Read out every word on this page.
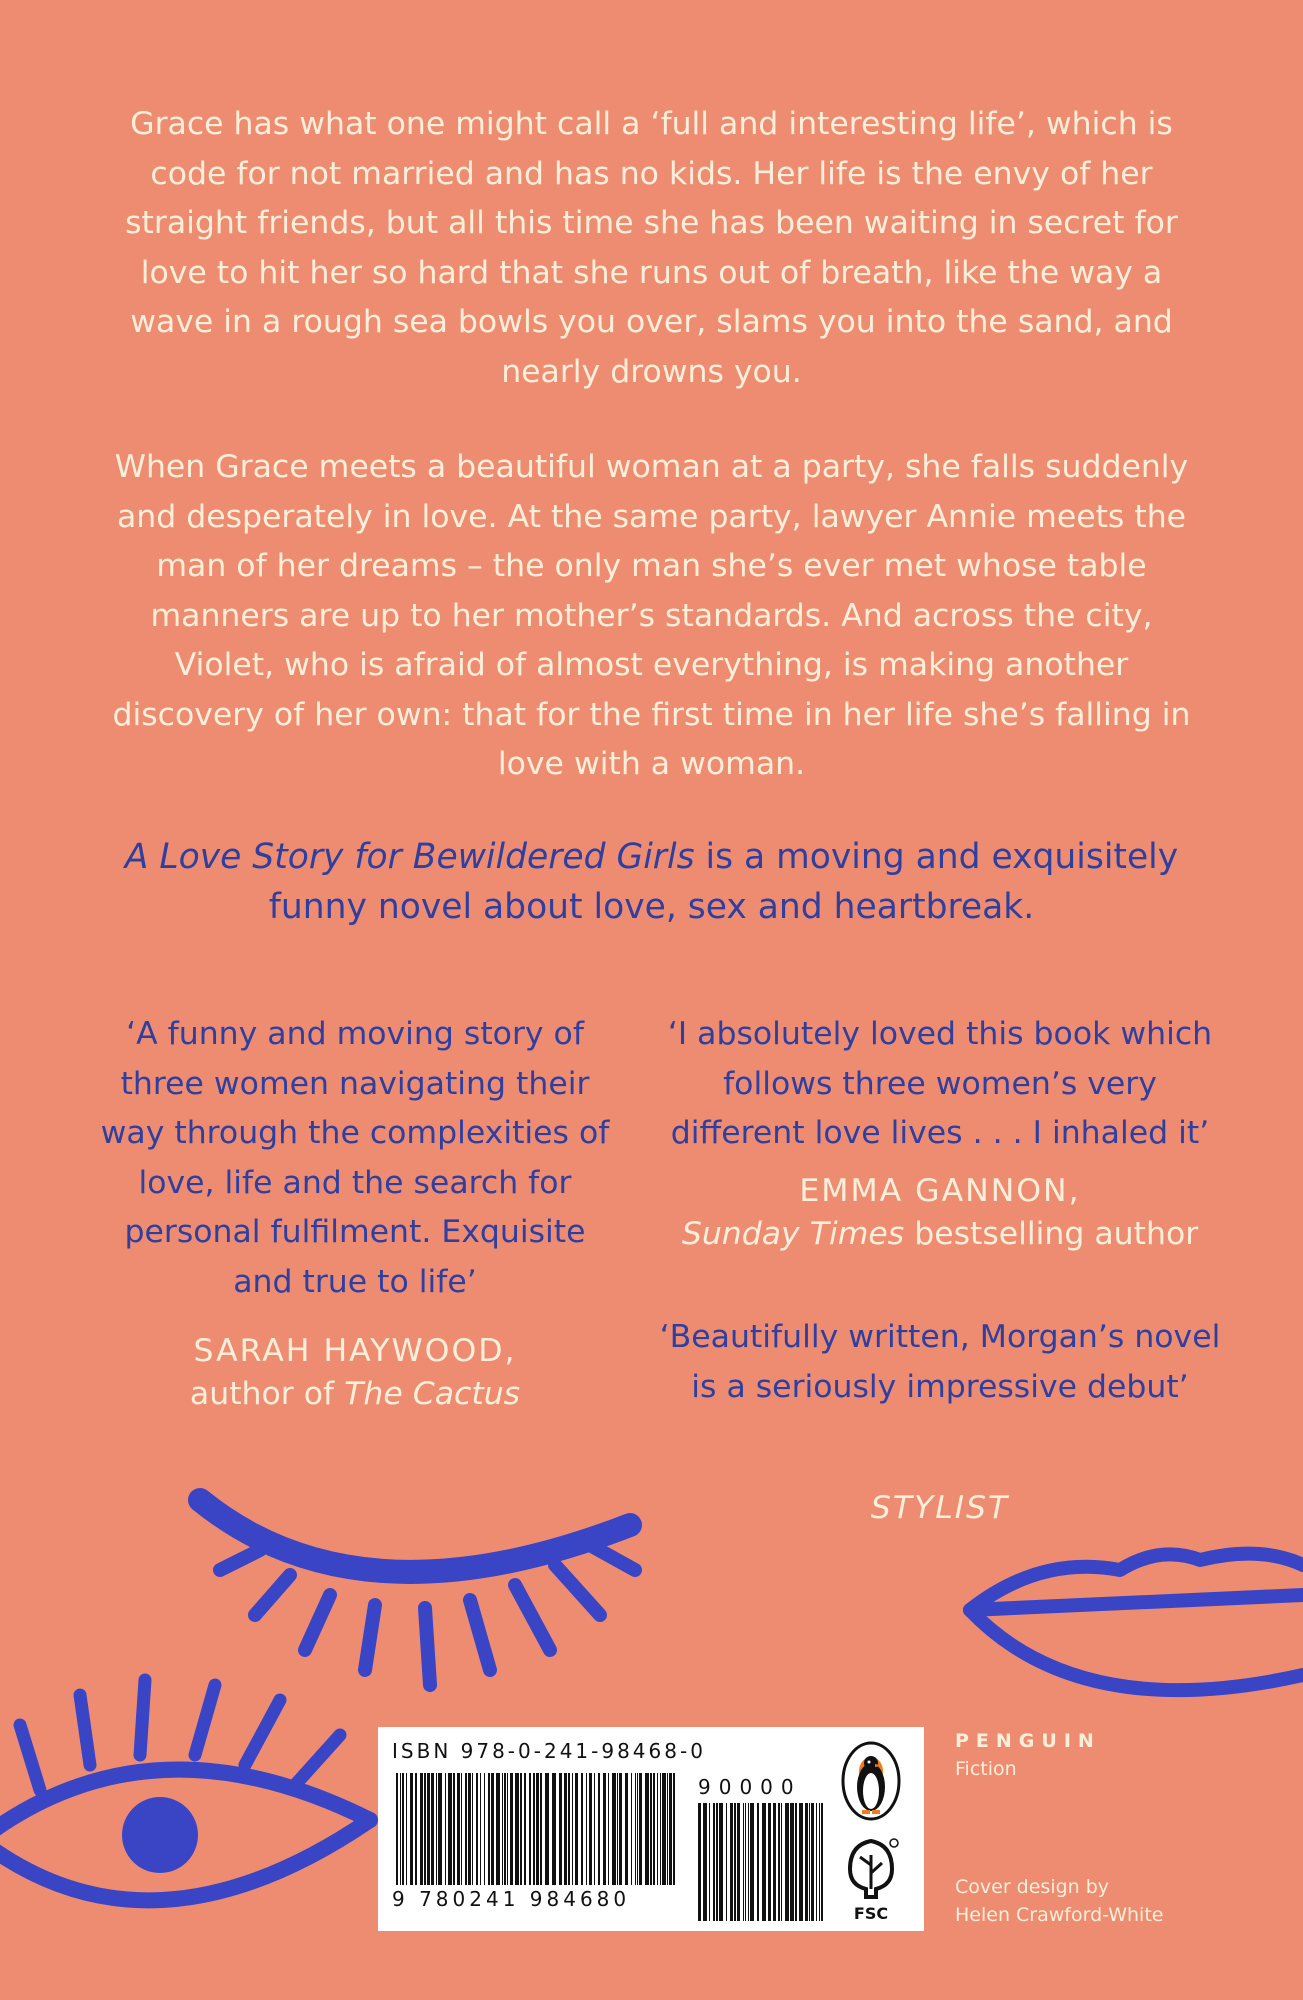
Grace has what one might call a ‘full and interesting life’, which is code for not married and has no kids. Her life is the envy of her straight friends, but all this time she has been waiting in secret for love to hit her so hard that she runs out of breath, like the way a wave in a rough sea bowls you over, slams you into the sand, and nearly drowns you.
When Grace meets a beautiful woman at a party, she falls suddenly and desperately in love. At the same party, lawyer Annie meets the man of her dreams – the only man she’s ever met whose table manners are up to her mother’s standards. And across the city, Violet, who is afraid of almost everything, is making another discovery of her own: that for the first time in her life she’s falling in love with a woman.
A Love Story for Bewildered Girls is a moving and exquisitely funny novel about love, sex and heartbreak.
‘A funny and moving story of three women navigating their way through the complexities of love, life and the search for personal fulfilment. Exquisite and true to life’
SARAH HAYWOOD,
author of The Cactus
‘I absolutely loved this book which follows three women’s very different love lives . . . I inhaled it’
EMMA GANNON,
Sunday Times bestselling author
‘Beautifully written, Morgan’s novel is a seriously impressive debut’
STYLIST
ISBN 978-0-241-98468-0
9 780241 984680
90000
FSC
PENGUIN
Fiction
Cover design by
Helen Crawford-White
